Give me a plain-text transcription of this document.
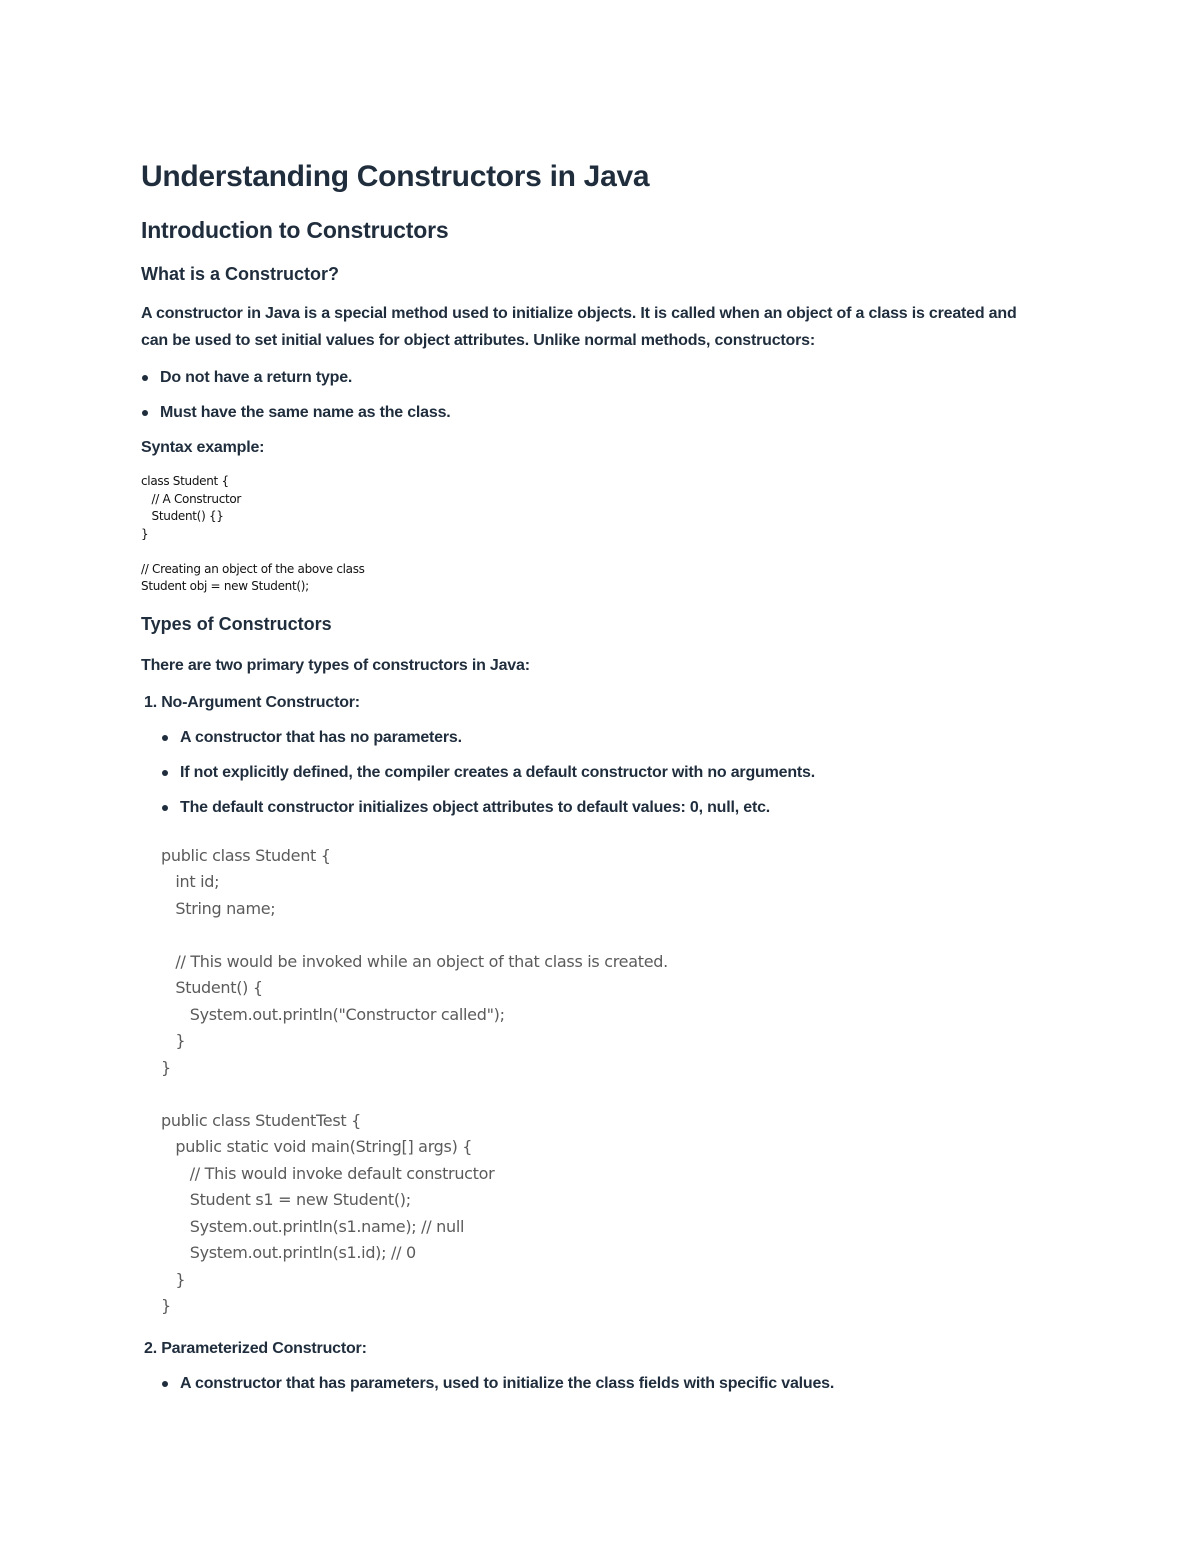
Understanding Constructors in Java
Introduction to Constructors
What is a Constructor?

A constructor in Java is a special method used to initialize objects. It is called when an object of a class is created and can be used to set initial values for object attributes. Unlike normal methods, constructors:

Do not have a return type.
Must have the same name as the class.
Syntax example:
class Student {
// A Constructor
Student() {}
}

// Creating an object of the above class
Student obj = new Student();
Types of Constructors

There are two primary types of constructors in Java:

1. No-Argument Constructor:
A constructor that has no parameters.
If not explicitly defined, the compiler creates a default constructor with no arguments.
The default constructor initializes object attributes to default values: 0, null, etc.
public class Student {
int id;
String name;

// This would be invoked while an object of that class is created.
Student() {
System.out.println("Constructor called");
}
}

public class StudentTest {
public static void main(String[] args) {
// This would invoke default constructor
Student s1 = new Student();
System.out.println(s1.name); // null
System.out.println(s1.id); // 0
}
}
2. Parameterized Constructor:
A constructor that has parameters, used to initialize the class fields with specific values.
